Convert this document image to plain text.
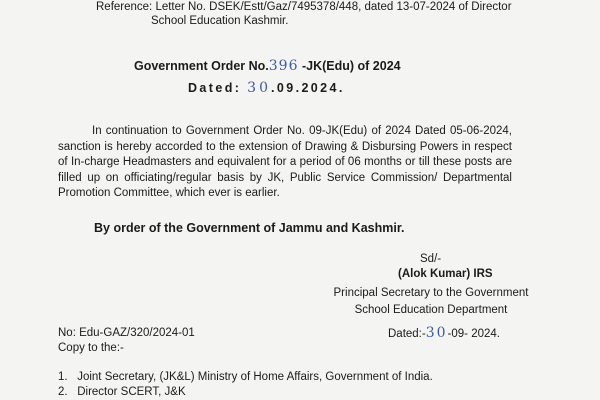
Reference: Letter No. DSEK/Estt/Gaz/7495378/448, dated 13-07-2024 of Director
School Education Kashmir.
Government Order No.396 -JK(Edu) of 2024
Dated: 30.09.2024.
In continuation to Government Order No. 09-JK(Edu) of 2024 Dated 05-06-2024, sanction is hereby accorded to the extension of Drawing & Disbursing Powers in respect of In-charge Headmasters and equivalent for a period of 06 months or till these posts are filled up on officiating/regular basis by JK, Public Service Commission/ Departmental Promotion Committee, which ever is earlier.
By order of the Government of Jammu and Kashmir.
Sd/-
(Alok Kumar) IRS
Principal Secretary to the Government
School Education Department
No: Edu-GAZ/320/2024-01	Dated:-30-09- 2024.
Copy to the:-
1. Joint Secretary, (JK&L) Ministry of Home Affairs, Government of India.
2. Director SCERT, J&K
